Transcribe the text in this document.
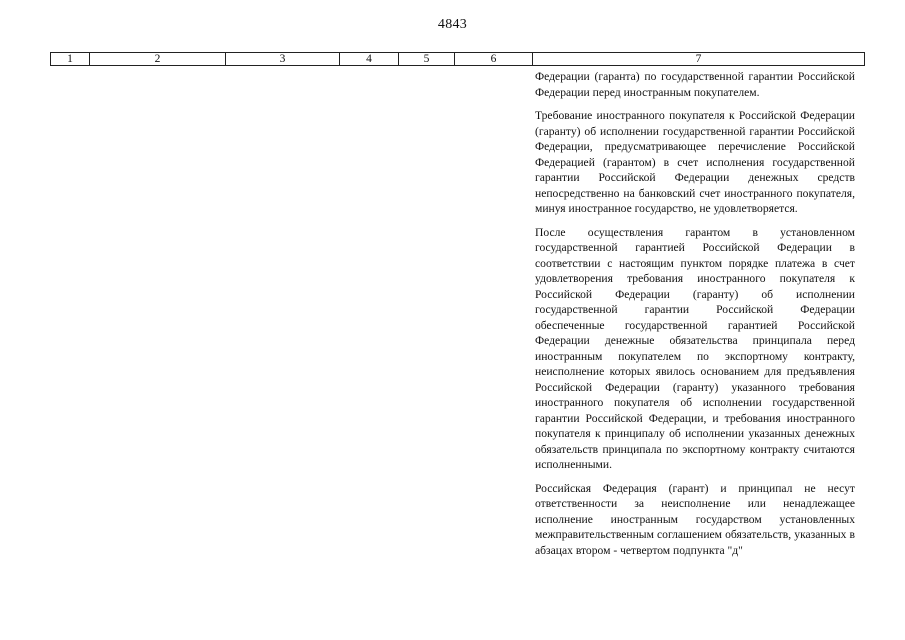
4843
1	2	3	4	5	6	7

Федерации (гаранта) по государственной гарантии Российской Федерации перед иностранным покупателем.

Требование иностранного покупателя к Российской Федерации (гаранту) об исполнении государственной гарантии Российской Федерации, предусматривающее перечисление Российской Федерацией (гарантом) в счет исполнения государственной гарантии Российской Федерации денежных средств непосредственно на банковский счет иностранного покупателя, минуя иностранное государство, не удовлетворяется.

После осуществления гарантом в установленном государственной гарантией Российской Федерации в соответствии с настоящим пунктом порядке платежа в счет удовлетворения требования иностранного покупателя к Российской Федерации (гаранту) об исполнении государственной гарантии Российской Федерации обеспеченные государственной гарантией Российской Федерации денежные обязательства принципала перед иностранным покупателем по экспортному контракту, неисполнение которых явилось основанием для предъявления Российской Федерации (гаранту) указанного требования иностранного покупателя об исполнении государственной гарантии Российской Федерации, и требования иностранного покупателя к принципалу об исполнении указанных денежных обязательств принципала по экспортному контракту считаются исполненными.

Российская Федерация (гарант) и принципал не несут ответственности за неисполнение или ненадлежащее исполнение иностранным государством установленных межправительственным соглашением обязательств, указанных в абзацах втором - четвертом подпункта "д"
